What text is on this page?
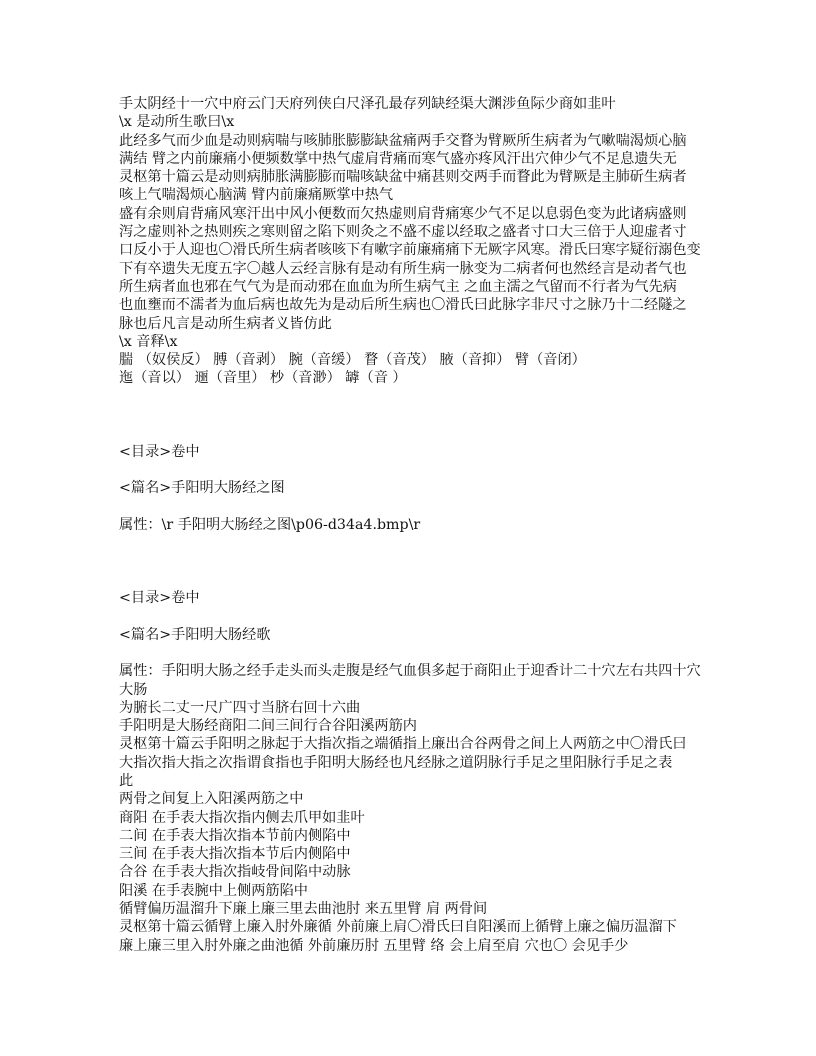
手太阴经十一穴中府云门天府列侠白尺泽孔最存列缺经渠大渊涉鱼际少商如韭叶
\x 是动所生歌曰\x
此经多气而少血是动则病喘与咳肺胀膨膨缺盆痛两手交瞀为臂厥所生病者为气嗽喘渴烦心脑
满结 臂之内前廉痛小便频数掌中热气虚肩背痛而寒气盛亦疼风汗出穴伸少气不足息遗失无
灵枢第十篇云是动则病肺胀满膨膨而喘咳缺盆中痛甚则交两手而瞀此为臂厥是主肺斫生病者
咳上气喘渴烦心脑满 臂内前廉痛厥掌中热气
盛有余则肩背痛风寒汗出中风小便数而欠热虚则肩背痛寒少气不足以息弱色变为此诸病盛则
泻之虚则补之热则疾之寒则留之陷下则灸之不盛不虚以经取之盛者寸口大三倍于人迎虚者寸
口反小于人迎也〇滑氏所生病者咳咳下有嗽字前廉痛痛下无厥字风寒。滑氏曰寒字疑衍溺色变
下有卒遗失无度五字〇越人云经言脉有是动有所生病一脉变为二病者何也然经言是动者气也
所生病者血也邪在气气为是而动邪在血血为所生病气主 之血主濡之气留而不行者为气先病
也血壅而不濡者为血后病也故先为是动后所生病也〇滑氏曰此脉字非尺寸之脉乃十二经隧之
脉也后凡言是动所生病者义皆仿此
\x 音释\x
腨 （奴侯反） 膊（音剥） 腕（音缓） 瞀（音茂） 腋（音抑） 臂（音闭）
迤（音以） 逦（音里） 杪（音渺） 罅（音 ）
<目录>卷中
<篇名>手阳明大肠经之图
属性：\r 手阳明大肠经之图\p06-d34a4.bmp\r
<目录>卷中
<篇名>手阳明大肠经歌
属性：手阳明大肠之经手走头而头走腹是经气血俱多起于商阳止于迎香计二十穴左右共四十穴
大肠
为腑长二丈一尺广四寸当脐右回十六曲
手阳明是大肠经商阳二间三间行合谷阳溪两筋内
灵枢第十篇云手阳明之脉起于大指次指之端循指上廉出合谷两骨之间上人两筋之中〇滑氏曰
大指次指大指之次指谓食指也手阳明大肠经也凡经脉之道阴脉行手足之里阳脉行手足之表
此
两骨之间复上入阳溪两筋之中
商阳 在手表大指次指内侧去爪甲如韭叶
二间 在手表大指次指本节前内侧陷中
三间 在手表大指次指本节后内侧陷中
合谷 在手表大指次指岐骨间陷中动脉
阳溪 在手表腕中上侧两筋陷中
循臂偏历温溜升下廉上廉三里去曲池肘 来五里臂 肩 两骨间
灵枢第十篇云循臂上廉入肘外廉循 外前廉上肩〇滑氏曰自阳溪而上循臂上廉之偏历温溜下
廉上廉三里入肘外廉之曲池循 外前廉历肘 五里臂 络 会上肩至肩 穴也〇 会见手少
